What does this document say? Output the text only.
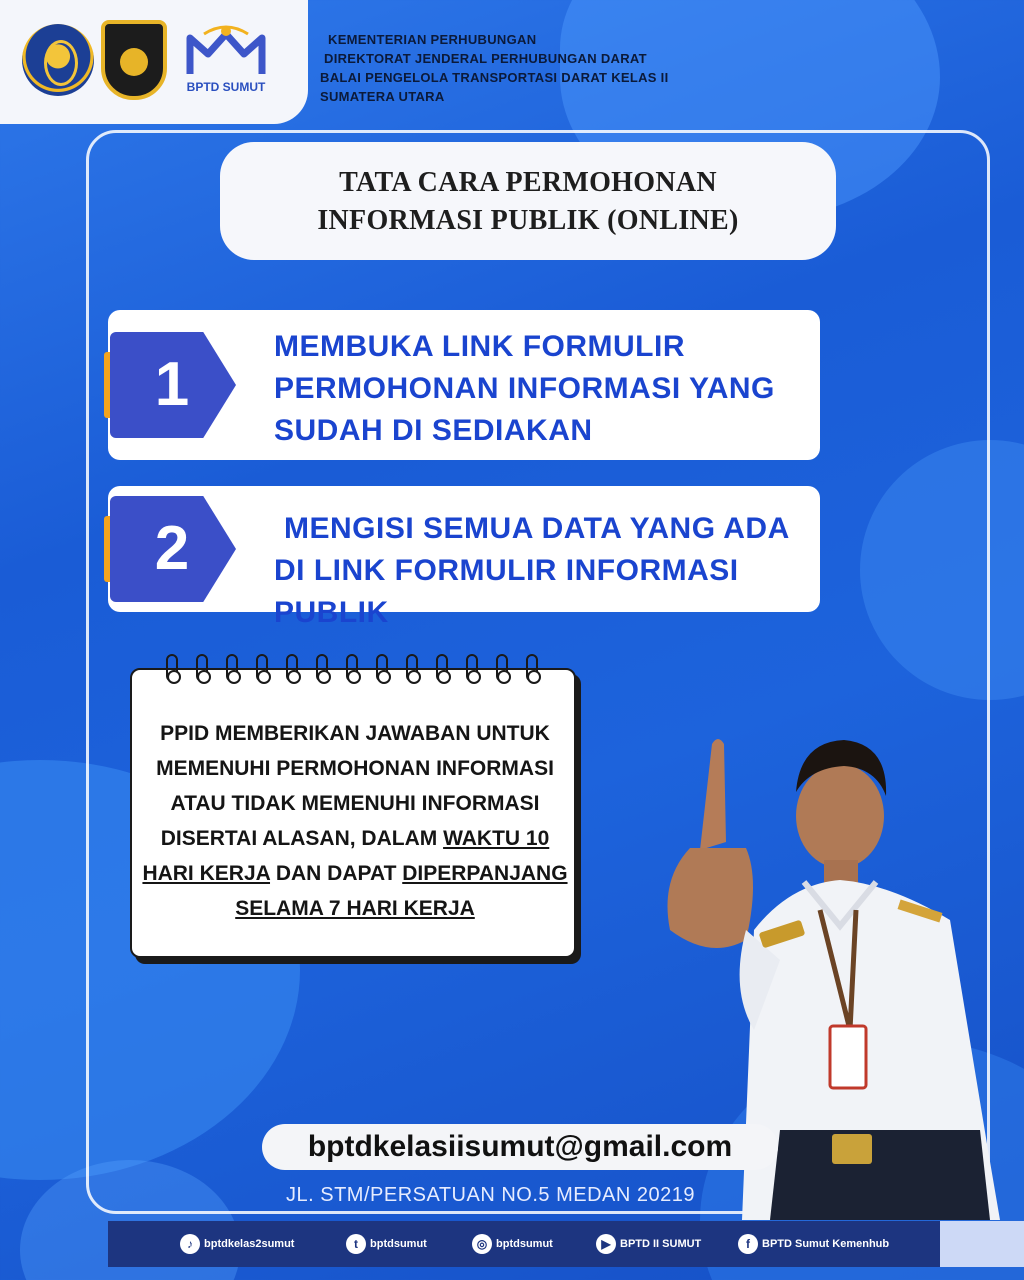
BPTD SUMUT
KEMENTERIAN PERHUBUNGAN
DIREKTORAT JENDERAL PERHUBUNGAN DARAT
BALAI PENGELOLA TRANSPORTASI DARAT KELAS II
SUMATERA UTARA
TATA CARA PERMOHONAN
INFORMASI PUBLIK (ONLINE)
1
MEMBUKA LINK FORMULIR PERMOHONAN INFORMASI YANG SUDAH DI SEDIAKAN
2	MENGISI SEMUA DATA YANG ADA DI LINK FORMULIR INFORMASI PUBLIK
PPID MEMBERIKAN JAWABAN UNTUK MEMENUHI PERMOHONAN INFORMASI ATAU TIDAK MEMENUHI INFORMASI DISERTAI ALASAN, DALAM WAKTU 10 HARI KERJA DAN DAPAT DIPERPANJANG SELAMA 7 HARI KERJA
bptdkelasiisumut@gmail.com
JL. STM/PERSATUAN NO.5 MEDAN 20219
♪	bptdkelas2sumut	t	bptdsumut	◎ bptdsumut	▶ BPTD II SUMUT	f	BPTD Sumut Kemenhub
